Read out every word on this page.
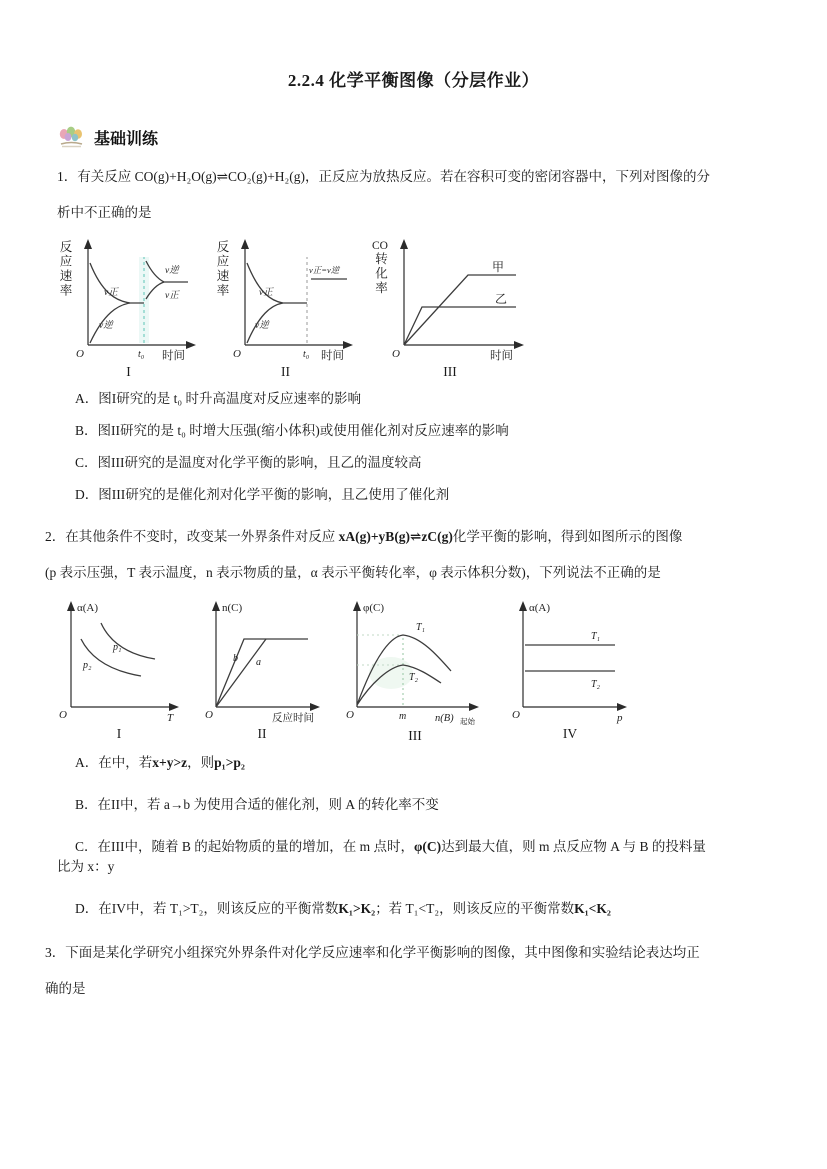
2.2.4 化学平衡图像（分层作业）
基础训练

1．有关反应 CO(g)+H₂O(g)⇌CO₂(g)+H₂(g)，正反应为放热反应。若在容积可变的密闭容器中，下列对图像的分
析中不正确的是

反应速率	v正
v逆
v逆
v正
O	t₀ 时间
I
反应速率	v正
v逆
v正=v逆
O	t₀ 时间
II
CO
转化率	甲
乙
O	时间
III

A．图I研究的是 t₀ 时升高温度对反应速率的影响

B．图II研究的是 t₀ 时增大压强(缩小体积)或使用催化剂对反应速率的影响

C．图III研究的是温度对化学平衡的影响，且乙的温度较高

D．图III研究的是催化剂对化学平衡的影响，且乙使用了催化剂

2．在其他条件不变时，改变某一外界条件对反应 xA(g)+yB(g)⇌zC(g)化学平衡的影响，得到如图所示的图像
(p 表示压强，T 表示温度，n 表示物质的量，α 表示平衡转化率，φ 表示体积分数)，下列说法不正确的是

α(A)
p₁
p₂
O	T
I
n(C)
b a
O	反应时间
II
φ(C)
T₁
T₂
O	m	n(B) 起始
III
α(A)
T₁
T₂
O	p
IV

A．在中，若x+y>z，则p₁>p₂

B．在II中，若 a→b 为使用合适的催化剂，则 A 的转化率不变

C．在III中，随着 B 的起始物质的量的增加，在 m 点时，φ(C)达到最大值，则 m 点反应物 A 与 B 的投料量
比为 x：y

D．在IV中，若 T₁>T₂，则该反应的平衡常数K₁>K₂；若 T₁<T₂，则该反应的平衡常数K₁<K₂

3．下面是某化学研究小组探究外界条件对化学反应速率和化学平衡影响的图像，其中图像和实验结论表达均正
确的是
